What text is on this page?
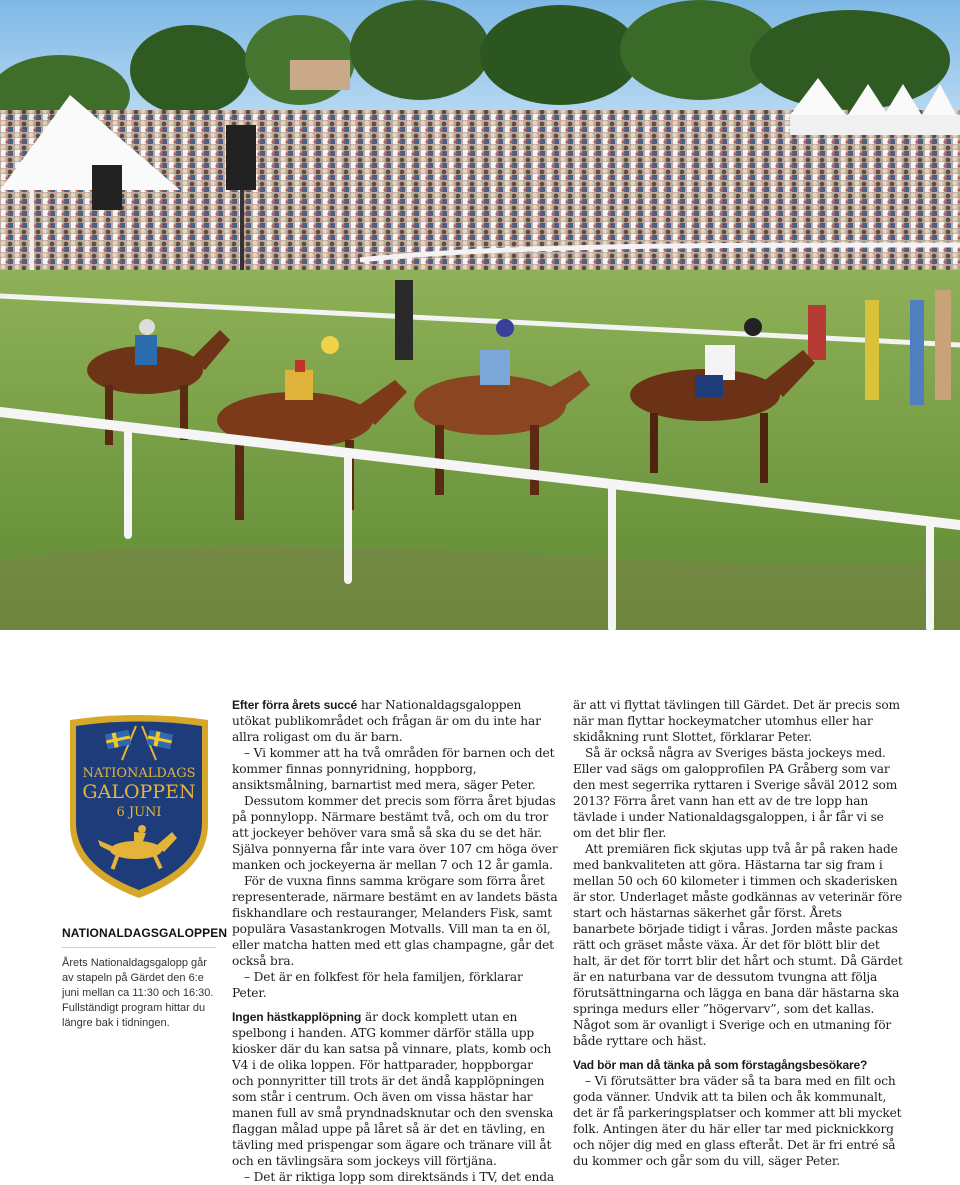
NATIONALDAGS
GALOPPEN
6 JUNI
NATIONALDAGSGALOPPEN
Årets Nationaldagsgalopp går
av stapeln på Gärdet den 6:e
juni mellan ca 11:30 och 16:30.
Fullständigt program hittar du
längre bak i tidningen.

Efter förra årets succé har Nationaldagsgaloppen utökat publikområdet och frågan är om du inte har allra roligast om du är barn.

– Vi kommer att ha två områden för barnen och det kommer finnas ponnyridning, hoppborg, ansiktsmålning, barnartist med mera, säger Peter.

Dessutom kommer det precis som förra året bjudas på ponnylopp. Närmare bestämt två, och om du tror att jockeyer behöver vara små så ska du se det här. Själva ponnyerna får inte vara över 107 cm höga över manken och jockeyerna är mellan 7 och 12 år gamla.

För de vuxna finns samma krögare som förra året representerade, närmare bestämt en av landets bästa fiskhandlare och restauranger, Melanders Fisk, samt populära Vasastankrogen Motvalls. Vill man ta en öl, eller matcha hatten med ett glas champagne, går det också bra.

– Det är en folkfest för hela familjen, förklarar Peter.

Ingen hästkapplöpning är dock komplett utan en spelbong i handen. ATG kommer därför ställa upp kiosker där du kan satsa på vinnare, plats, komb och V4 i de olika loppen. För hattparader, hoppborgar och ponnyritter till trots är det ändå kapplöpningen som står i centrum. Och även om vissa hästar har manen full av små pryndnadsknutar och den svenska flaggan målad uppe på låret så är det en tävling, en tävling med prispengar som ägare och tränare vill åt och en tävlingsära som jockeys vill förtjäna.

– Det är riktiga lopp som direktsänds i TV, det enda

är att vi flyttat tävlingen till Gärdet. Det är precis som när man flyttar hockeymatcher utomhus eller har skidåkning runt Slottet, förklarar Peter.

Så är också några av Sveriges bästa jockeys med. Eller vad sägs om galopprofilen PA Gråberg som var den mest segerrika ryttaren i Sverige såväl 2012 som 2013? Förra året vann han ett av de tre lopp han tävlade i under Nationaldagsgaloppen, i år får vi se om det blir fler.

Att premiären fick skjutas upp två år på raken hade med bankvaliteten att göra. Hästarna tar sig fram i mellan 50 och 60 kilometer i timmen och skaderisken är stor. Underlaget måste godkännas av veterinär före start och hästarnas säkerhet går först. Årets banarbete började tidigt i våras. Jorden måste packas rätt och gräset måste växa. Är det för blött blir det halt, är det för torrt blir det hårt och stumt. Då Gärdet är en naturbana var de dessutom tvungna att följa förutsättningarna och lägga en bana där hästarna ska springa medurs eller ”högervarv”, som det kallas. Något som är ovanligt i Sverige och en utmaning för både ryttare och häst.

Vad bör man då tänka på som förstagångsbesökare?

– Vi förutsätter bra väder så ta bara med en filt och goda vänner. Undvik att ta bilen och åk kommunalt, det är få parkeringsplatser och kommer att bli mycket folk. Antingen äter du här eller tar med picknickkorg och nöjer dig med en glass efteråt. Det är fri entré så du kommer och går som du vill, säger Peter.
